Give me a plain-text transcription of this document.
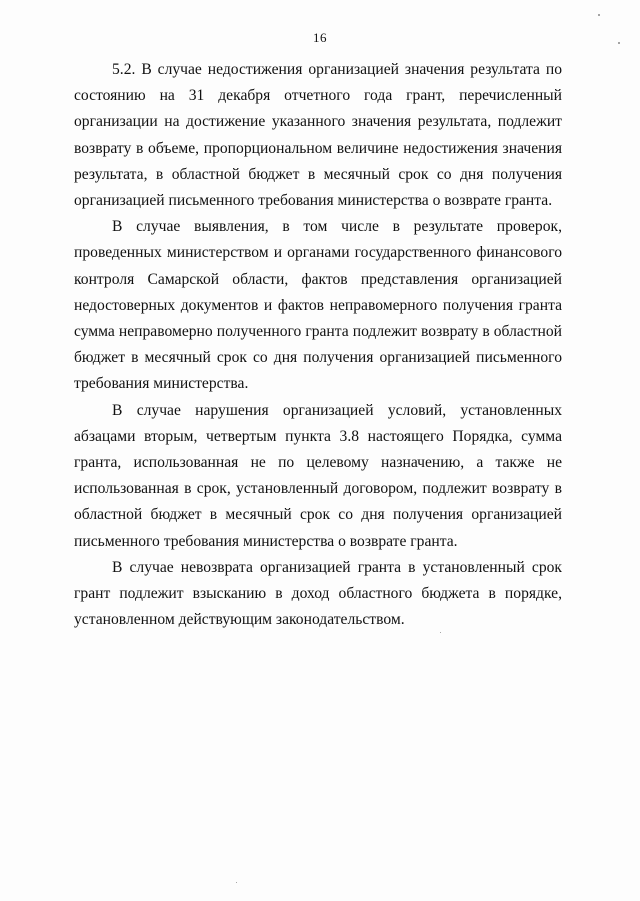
16

5.2. В случае недостижения организацией значения результата по состоянию на 31 декабря отчетного года грант, перечисленный организации на достижение указанного значения результата, подлежит возврату в объеме, пропорциональном величине недостижения значения результата, в областной бюджет в месячный срок со дня получения организацией письменного требования министерства о возврате гранта.

В случае выявления, в том числе в результате проверок, проведенных министерством и органами государственного финансового контроля Самарской области, фактов представления организацией недостоверных документов и фактов неправомерного получения гранта сумма неправомерно полученного гранта подлежит возврату в областной бюджет в месячный срок со дня получения организацией письменного требования министерства.

В случае нарушения организацией условий, установленных абзацами вторым, четвертым пункта 3.8 настоящего Порядка, сумма гранта, использованная не по целевому назначению, а также не использованная в срок, установленный договором, подлежит возврату в областной бюджет в месячный срок со дня получения организацией письменного требования министерства о возврате гранта.

В случае невозврата организацией гранта в установленный срок грант подлежит взысканию в доход областного бюджета в порядке, установленном действующим законодательством.
